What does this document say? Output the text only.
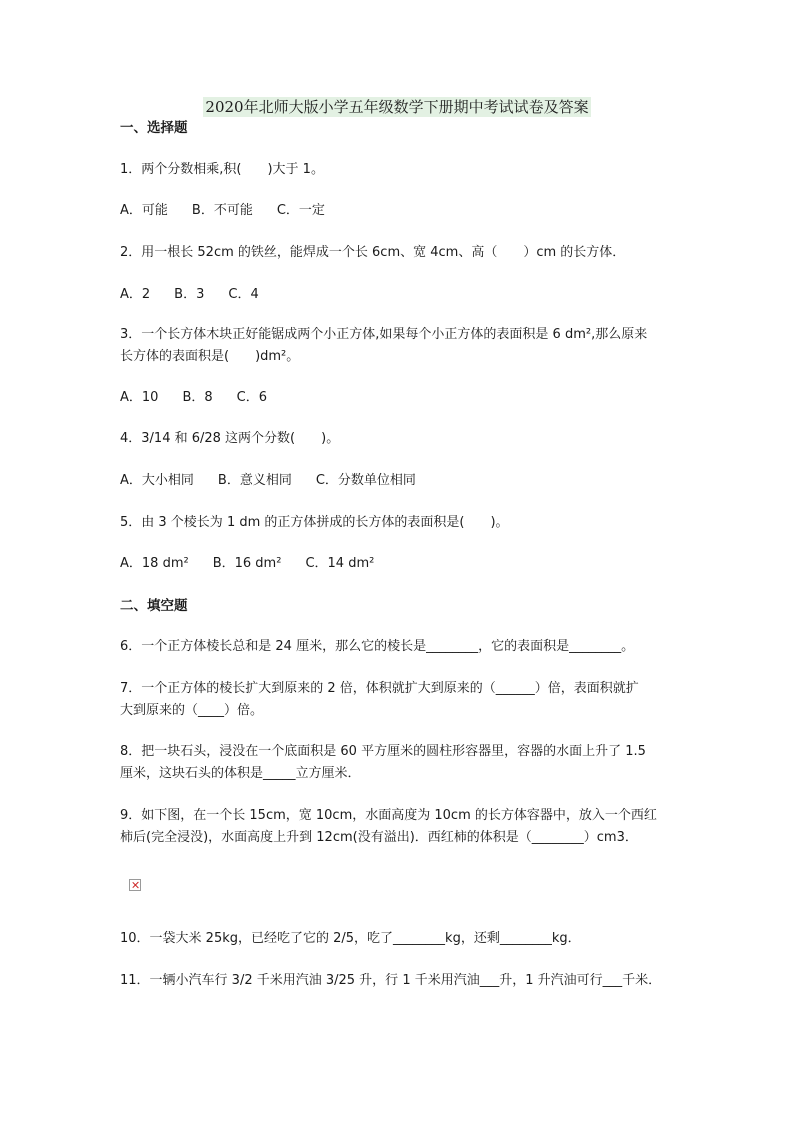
2020年北师大版小学五年级数学下册期中考试试卷及答案
一、选择题
1．两个分数相乘,积(　　)大于 1。
A．可能 B．不可能 C．一定
2．用一根长 52cm 的铁丝，能焊成一个长 6cm、宽 4cm、高（　　）cm 的长方体．
A．2 B．3 C．4
3．一个长方体木块正好能锯成两个小正方体,如果每个小正方体的表面积是 6 dm²,那么原来
长方体的表面积是(　　)dm²。
A．10 B．8 C．6
4．3/14 和 6/28 这两个分数(　　)。
A．大小相同 B．意义相同 C．分数单位相同
5．由 3 个棱长为 1 dm 的正方体拼成的长方体的表面积是(　　)。
A．18 dm² B．16 dm² C．14 dm²
二、填空题
6．一个正方体棱长总和是 24 厘米，那么它的棱长是________，它的表面积是________。
7．一个正方体的棱长扩大到原来的 2 倍，体积就扩大到原来的（______）倍，表面积就扩
大到原来的（____）倍。
8．把一块石头，浸没在一个底面积是 60 平方厘米的圆柱形容器里，容器的水面上升了 1.5
厘米，这块石头的体积是_____立方厘米．
9．如下图，在一个长 15cm，宽 10cm，水面高度为 10cm 的长方体容器中，放入一个西红
柿后(完全浸没)，水面高度上升到 12cm(没有溢出)．西红柿的体积是（________）cm3．
10．一袋大米 25kg，已经吃了它的 2/5，吃了________kg，还剩________kg．
11．一辆小汽车行 3/2 千米用汽油 3/25 升，行 1 千米用汽油___升，1 升汽油可行___千米．
